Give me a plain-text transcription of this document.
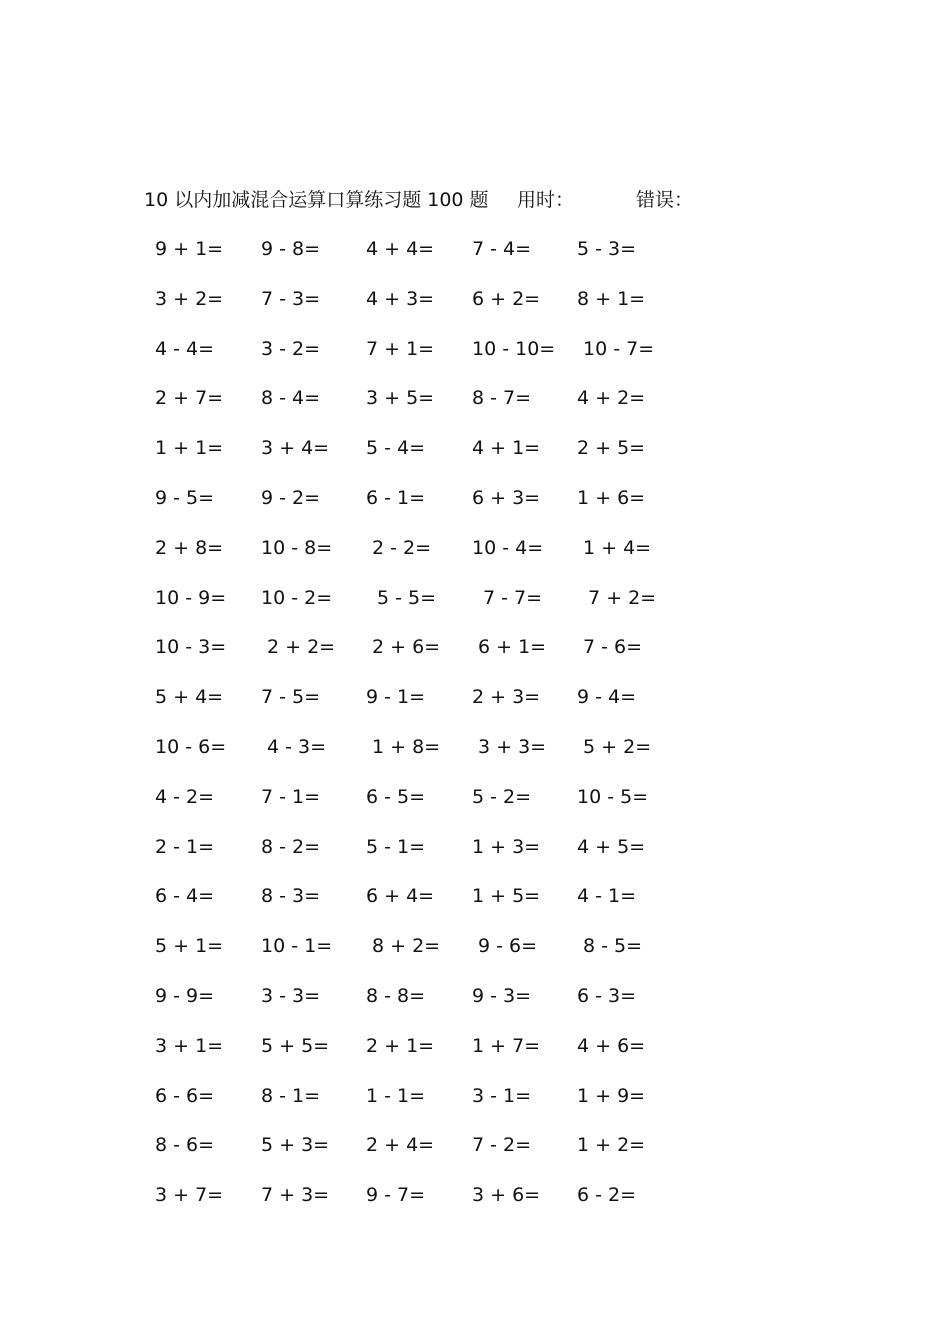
10 以内加减混合运算口算练习题 100 题 用时：	错误：
9 + 1= 9 - 8= 4 + 4= 7 - 4= 5 - 3=
3 + 2= 7 - 3= 4 + 3= 6 + 2= 8 + 1=
4 - 4= 3 - 2= 7 + 1= 10 - 10= 10 - 7=
2 + 7= 8 - 4= 3 + 5= 8 - 7= 4 + 2=
1 + 1= 3 + 4= 5 - 4= 4 + 1= 2 + 5=
9 - 5= 9 - 2= 6 - 1= 6 + 3= 1 + 6=
2 + 8= 10 - 8= 2 - 2= 10 - 4= 1 + 4=
10 - 9= 10 - 2= 5 - 5= 7 - 7= 7 + 2=
10 - 3= 2 + 2= 2 + 6= 6 + 1= 7 - 6=
5 + 4= 7 - 5= 9 - 1= 2 + 3= 9 - 4=
10 - 6= 4 - 3= 1 + 8= 3 + 3= 5 + 2=
4 - 2= 7 - 1= 6 - 5= 5 - 2= 10 - 5=
2 - 1= 8 - 2= 5 - 1= 1 + 3= 4 + 5=
6 - 4= 8 - 3= 6 + 4= 1 + 5= 4 - 1=
5 + 1= 10 - 1= 8 + 2= 9 - 6= 8 - 5=
9 - 9= 3 - 3= 8 - 8= 9 - 3= 6 - 3=
3 + 1= 5 + 5= 2 + 1= 1 + 7= 4 + 6=
6 - 6= 8 - 1= 1 - 1= 3 - 1= 1 + 9=
8 - 6= 5 + 3= 2 + 4= 7 - 2= 1 + 2=
3 + 7= 7 + 3= 9 - 7= 3 + 6= 6 - 2=
